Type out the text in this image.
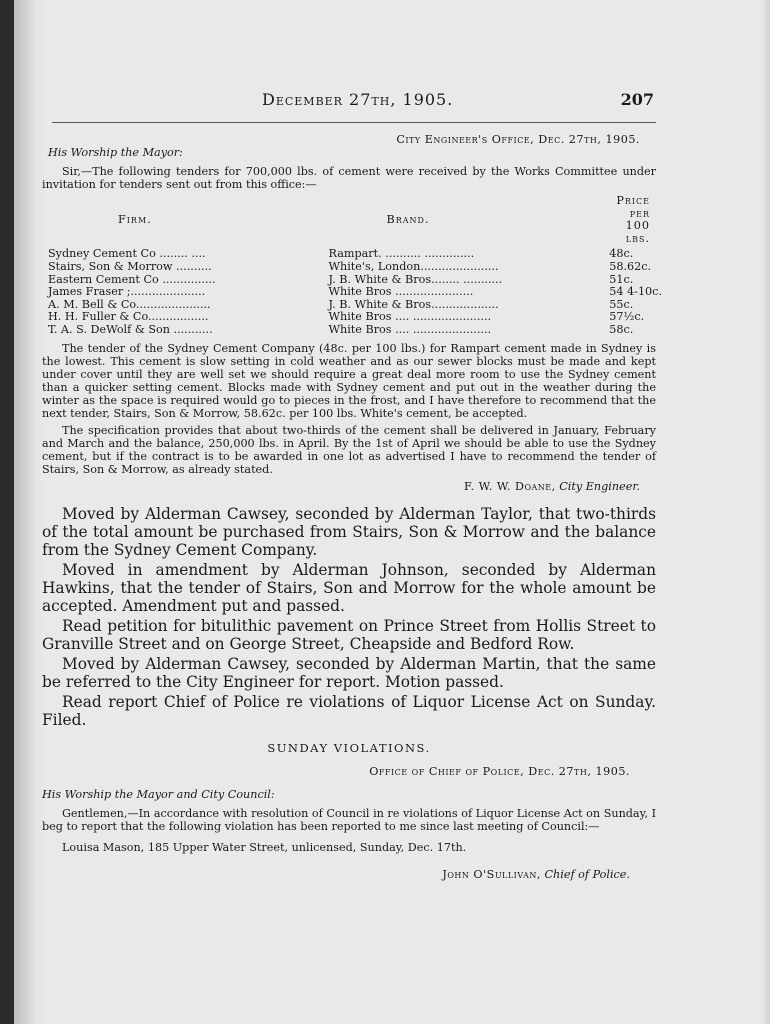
December 27th, 1905.	207

City Engineer's Office, Dec. 27th, 1905.

His Worship the Mayor:

Sir,—The following tenders for 700,000 lbs. of cement were received by the Works Committee under invitation for tenders sent out from this office:—

Firm.	Brand.	Price per 100 lbs.
Sydney Cement Co ........ ....	Rampart. .......... ..............	48c.
Stairs, Son & Morrow ..........	White's, London......................	58.62c.
Eastern Cement Co ...............	J. B. White & Bros........ ...........	51c.
James Fraser ;.....................	White Bros ......................	54 4-10c.
A. M. Bell & Co.....................	J. B. White & Bros...................	55c.
H. H. Fuller & Co.................	White Bros .... ......................	57½c.
T. A. S. DeWolf & Son ...........	White Bros .... ......................	58c.

The tender of the Sydney Cement Company (48c. per 100 lbs.) for Rampart cement made in Sydney is the lowest. This cement is slow setting in cold weather and as our sewer blocks must be made and kept under cover until they are well set we should require a great deal more room to use the Sydney cement than a quicker setting cement. Blocks made with Sydney cement and put out in the weather during the winter as the space is required would go to pieces in the frost, and I have therefore to recommend that the next tender, Stairs, Son & Morrow, 58.62c. per 100 lbs. White's cement, be accepted.

The specification provides that about two-thirds of the cement shall be delivered in January, February and March and the balance, 250,000 lbs. in April. By the 1st of April we should be able to use the Sydney cement, but if the contract is to be awarded in one lot as advertised I have to recommend the tender of Stairs, Son & Morrow, as already stated.

F. W. W. Doane, City Engineer.

Moved by Alderman Cawsey, seconded by Alderman Taylor, that two-thirds of the total amount be purchased from Stairs, Son & Morrow and the balance from the Sydney Cement Company.

Moved in amendment by Alderman Johnson, seconded by Alderman Hawkins, that the tender of Stairs, Son and Morrow for the whole amount be accepted. Amendment put and passed.

Read petition for bitulithic pavement on Prince Street from Hollis Street to Granville Street and on George Street, Cheapside and Bedford Row.

Moved by Alderman Cawsey, seconded by Alderman Martin, that the same be referred to the City Engineer for report. Motion passed.

Read report Chief of Police re violations of Liquor License Act on Sunday. Filed.

SUNDAY VIOLATIONS.

Office of Chief of Police, Dec. 27th, 1905.

His Worship the Mayor and City Council:

Gentlemen,—In accordance with resolution of Council in re violations of Liquor License Act on Sunday, I beg to report that the following violation has been reported to me since last meeting of Council:—

Louisa Mason, 185 Upper Water Street, unlicensed, Sunday, Dec. 17th.

John O'Sullivan, Chief of Police.
